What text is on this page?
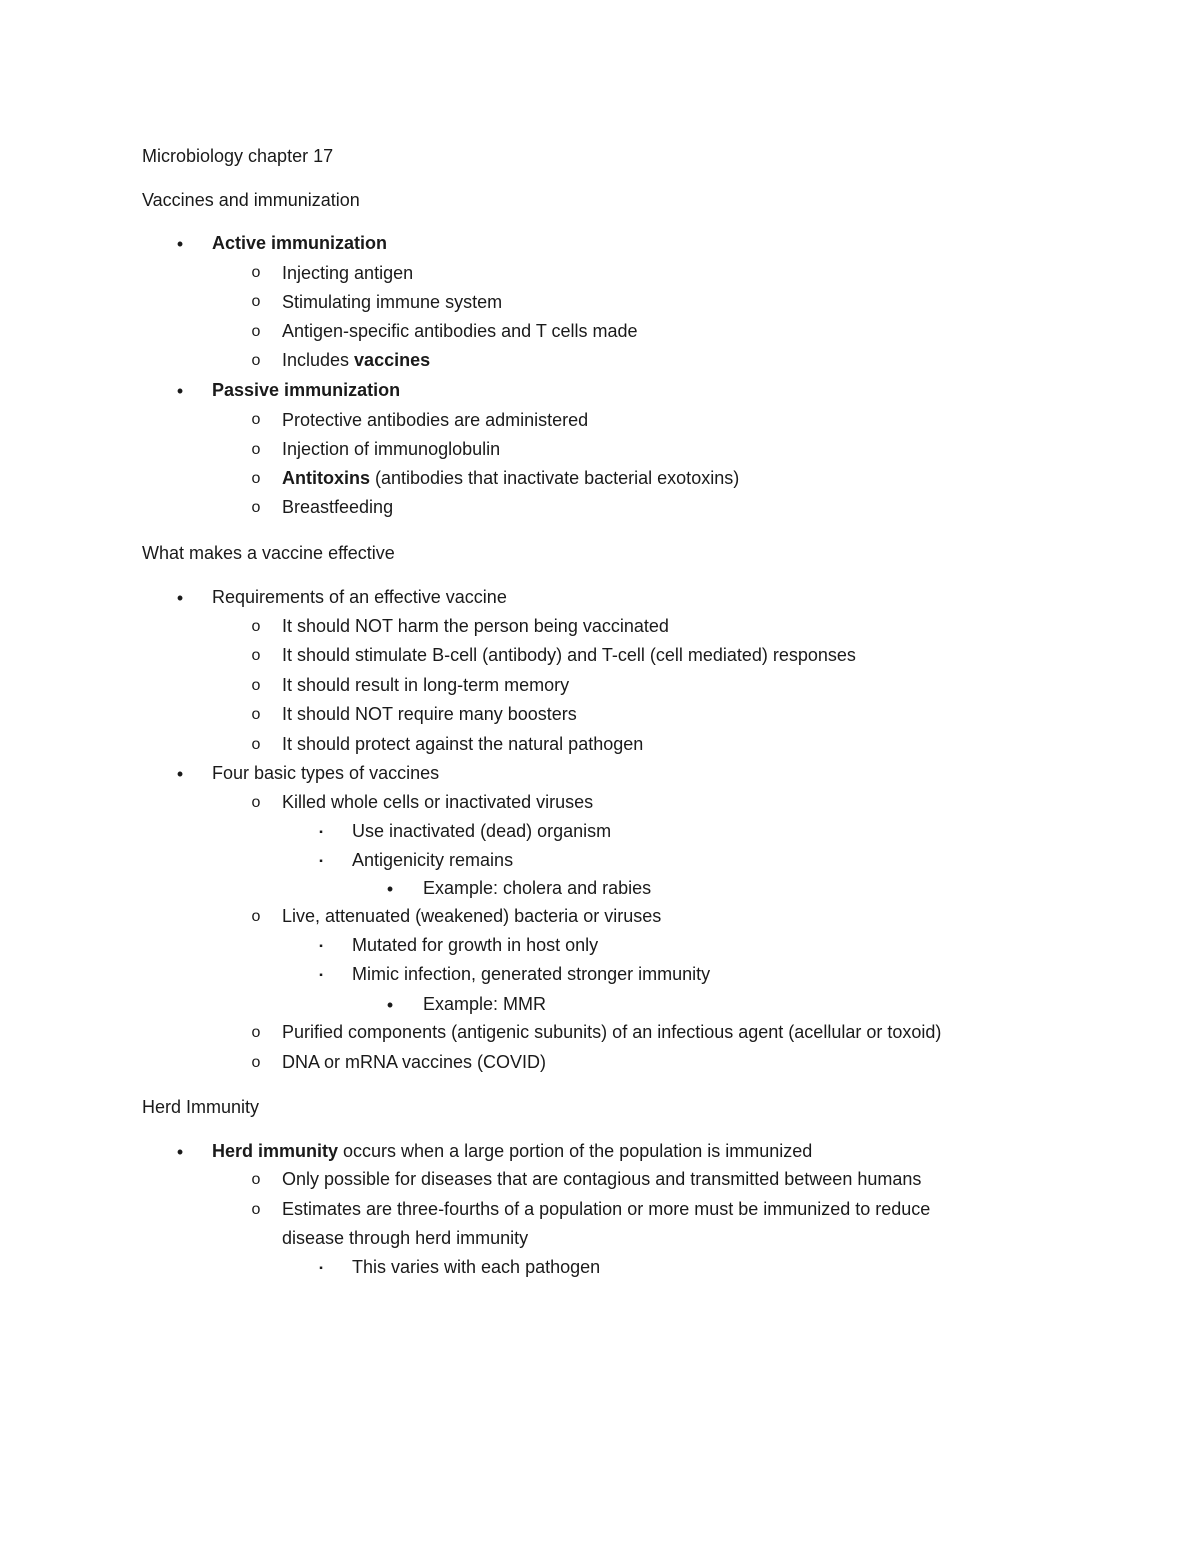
Microbiology chapter 17
Vaccines and immunization
•	Active immunization
o	Injecting antigen
o	Stimulating immune system
o	Antigen-specific antibodies and T cells made
o	Includes vaccines
•	Passive immunization
o	Protective antibodies are administered
o	Injection of immunoglobulin
o	Antitoxins (antibodies that inactivate bacterial exotoxins)
o	Breastfeeding
What makes a vaccine effective
•	Requirements of an effective vaccine
o	It should NOT harm the person being vaccinated
o	It should stimulate B-cell (antibody) and T-cell (cell mediated) responses
o	It should result in long-term memory
o	It should NOT require many boosters
o	It should protect against the natural pathogen
•	Four basic types of vaccines
o	Killed whole cells or inactivated viruses
▪	Use inactivated (dead) organism
▪	Antigenicity remains
•	Example: cholera and rabies
o	Live, attenuated (weakened) bacteria or viruses
▪	Mutated for growth in host only
▪	Mimic infection, generated stronger immunity
•	Example: MMR
o	Purified components (antigenic subunits) of an infectious agent (acellular or toxoid)
o	DNA or mRNA vaccines (COVID)
Herd Immunity
•	Herd immunity occurs when a large portion of the population is immunized
o	Only possible for diseases that are contagious and transmitted between humans
o	Estimates are three-fourths of a population or more must be immunized to reduce
disease through herd immunity
▪	This varies with each pathogen
